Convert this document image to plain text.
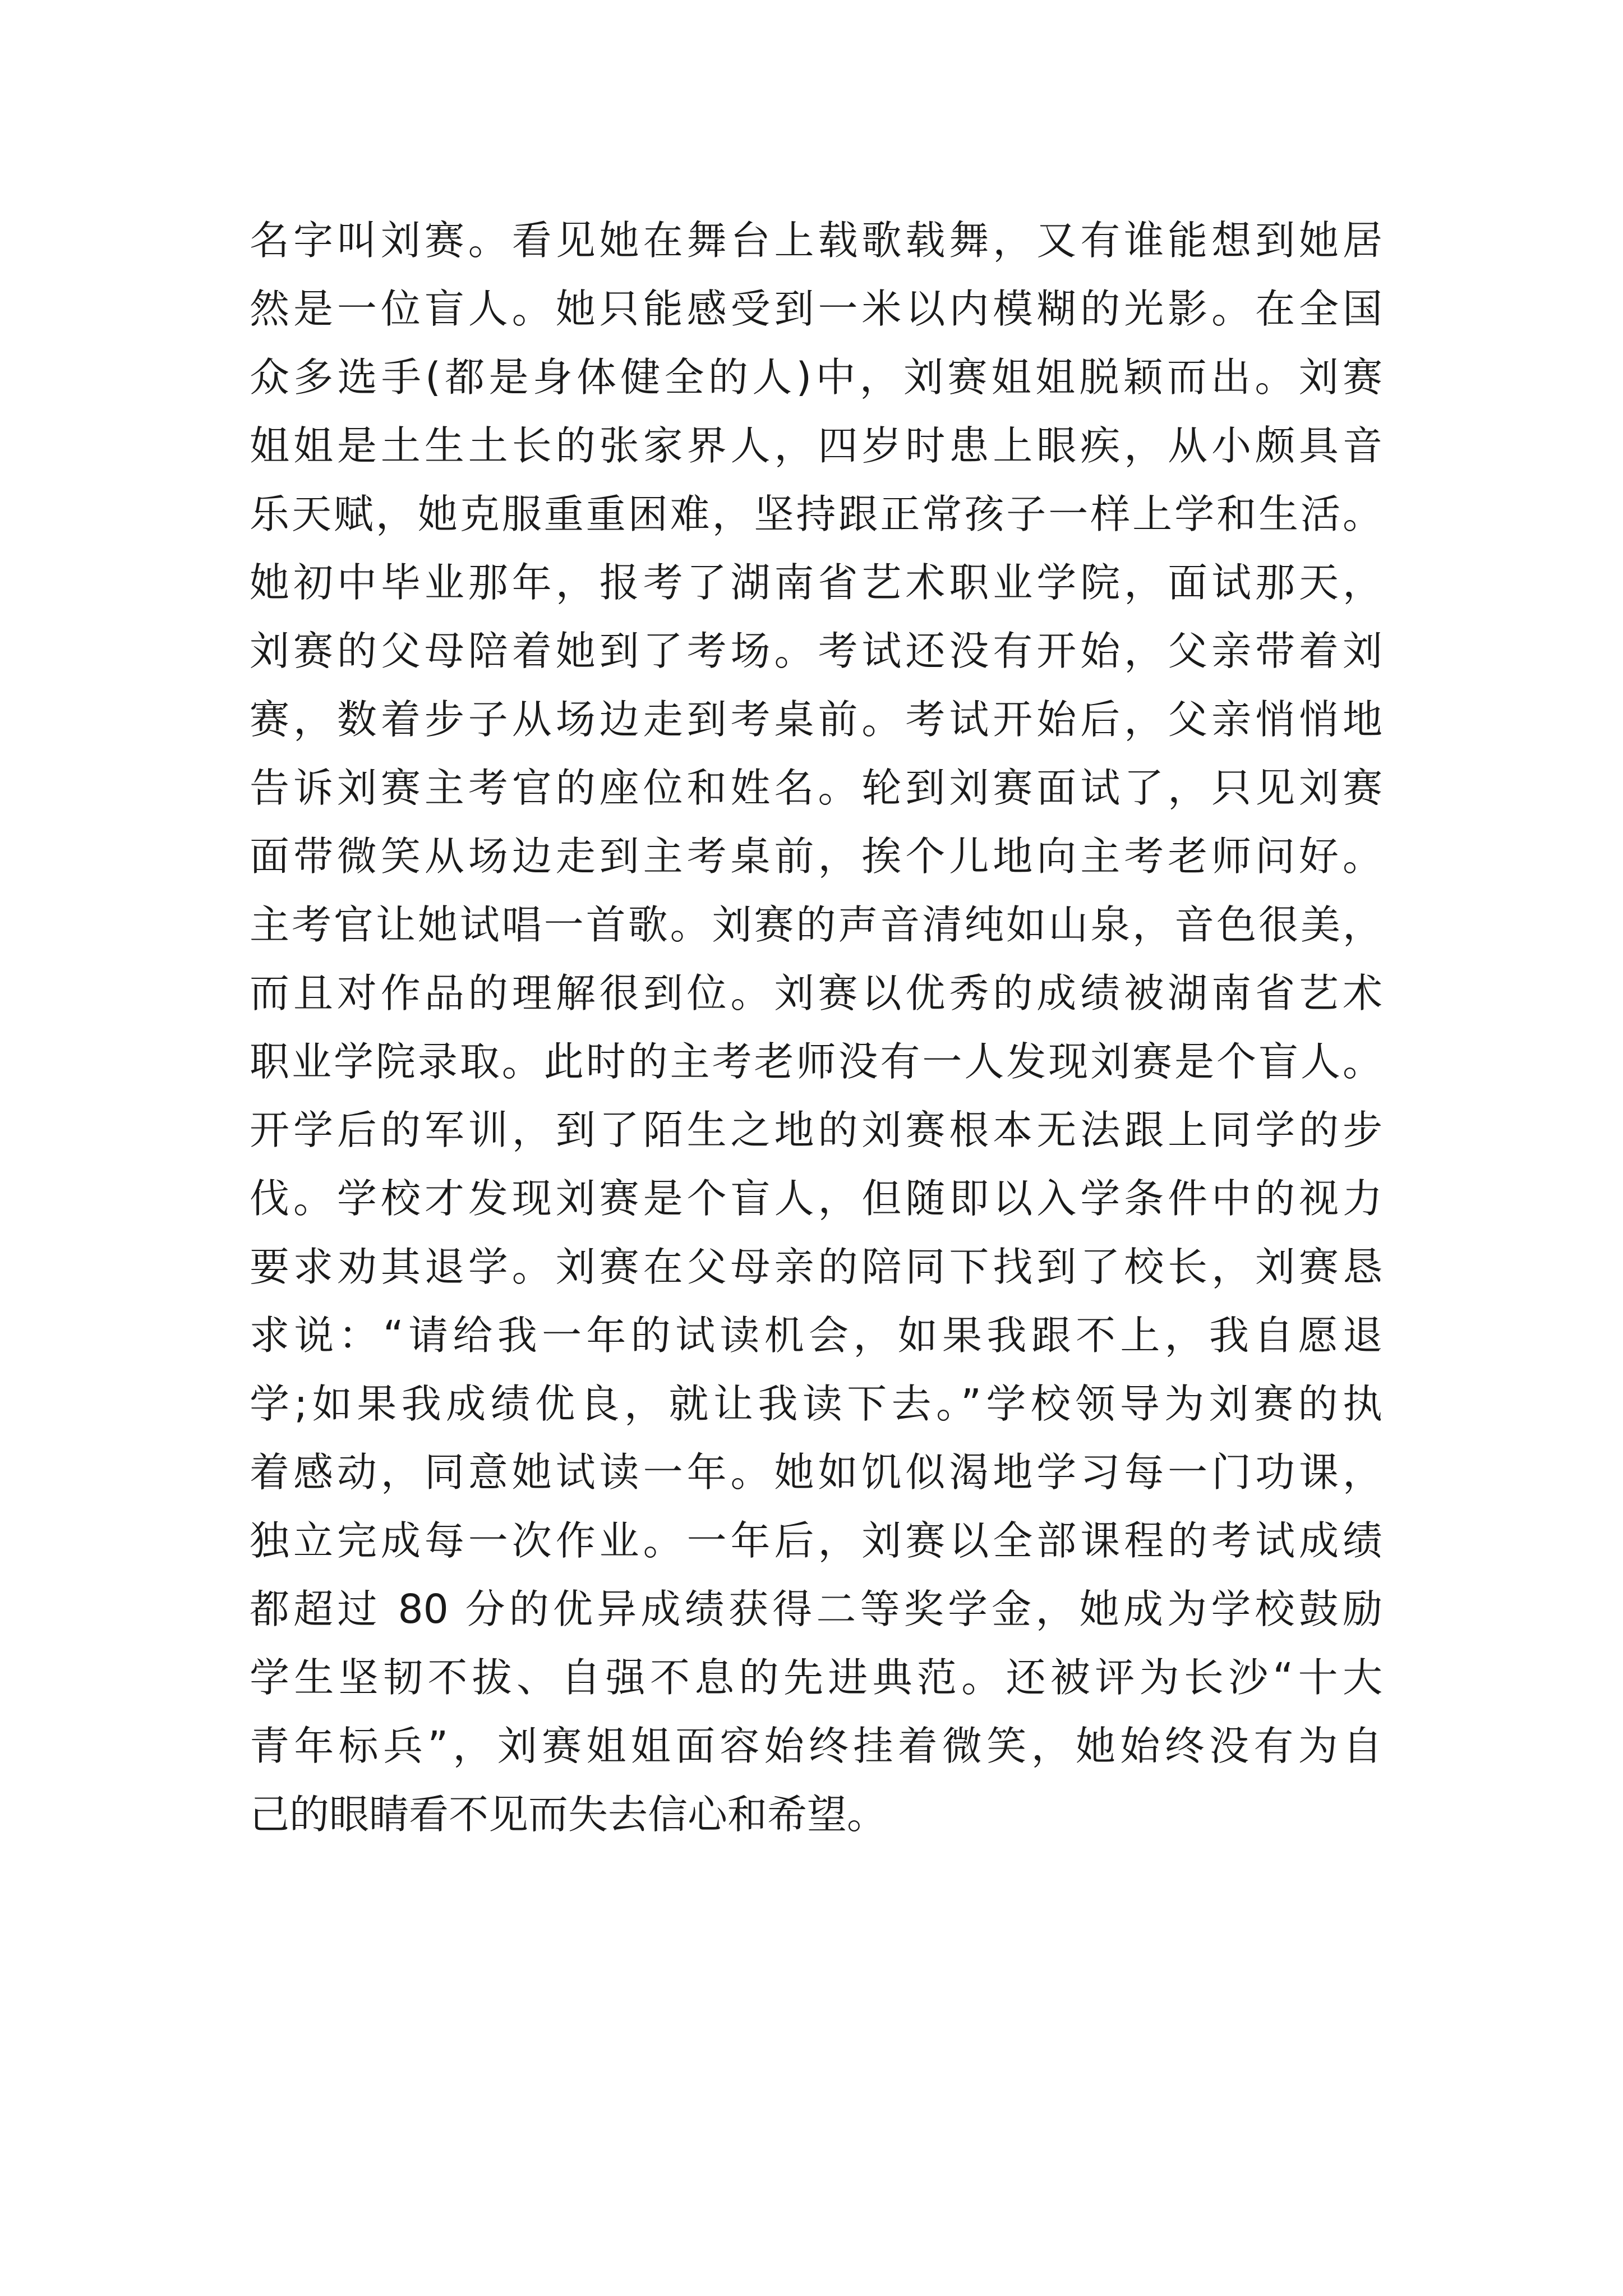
名字叫刘赛。看见她在舞台上载歌载舞，又有谁能想到她居
然是一位盲人。她只能感受到一米以内模糊的光影。在全国
众多选手(都是身体健全的人)中，刘赛姐姐脱颖而出。刘赛
姐姐是土生土长的张家界人，四岁时患上眼疾，从小颇具音
乐天赋，她克服重重困难，坚持跟正常孩子一样上学和生活。
她初中毕业那年，报考了湖南省艺术职业学院，面试那天，
刘赛的父母陪着她到了考场。考试还没有开始，父亲带着刘
赛，数着步子从场边走到考桌前。考试开始后，父亲悄悄地
告诉刘赛主考官的座位和姓名。轮到刘赛面试了，只见刘赛
面带微笑从场边走到主考桌前，挨个儿地向主考老师问好。
主考官让她试唱一首歌。刘赛的声音清纯如山泉，音色很美，
而且对作品的理解很到位。刘赛以优秀的成绩被湖南省艺术
职业学院录取。此时的主考老师没有一人发现刘赛是个盲人。
开学后的军训，到了陌生之地的刘赛根本无法跟上同学的步
伐。学校才发现刘赛是个盲人，但随即以入学条件中的视力
要求劝其退学。刘赛在父母亲的陪同下找到了校长，刘赛恳
求说：“请给我一年的试读机会，如果我跟不上，我自愿退
学;如果我成绩优良，就让我读下去。”学校领导为刘赛的执
着感动，同意她试读一年。她如饥似渴地学习每一门功课，
独立完成每一次作业。一年后，刘赛以全部课程的考试成绩
都超过 80 分的优异成绩获得二等奖学金，她成为学校鼓励
学生坚韧不拔、自强不息的先进典范。还被评为长沙“十大
青年标兵”，刘赛姐姐面容始终挂着微笑，她始终没有为自
己的眼睛看不见而失去信心和希望。
